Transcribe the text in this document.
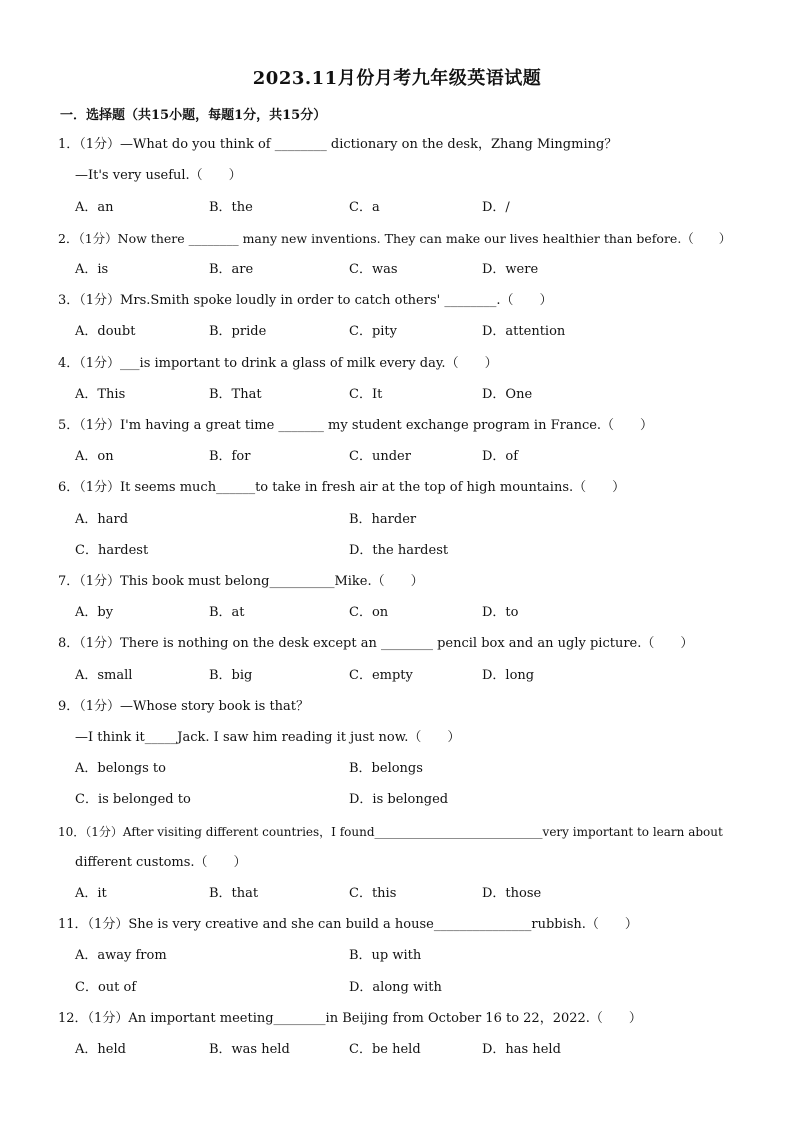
2023.11月份月考九年级英语试题
一．选择题（共15小题，每题1分，共15分）
1．（1分）—What do you think of ________ dictionary on the desk，Zhang Mingming？
—It's very useful.（　　）
A．an	B．the	C．a	D．/
2．（1分）Now there ________ many new inventions. They can make our lives healthier than before.（　　）
A．is	B．are	C．was	D．were
3．（1分）Mrs.Smith spoke loudly in order to catch others' ________.（　　）
A．doubt	B．pride	C．pity	D．attention
4．（1分）___is important to drink a glass of milk every day.（　　）
A．This	B．That	C．It	D．One
5．（1分）I'm having a great time _______ my student exchange program in France.（　　）
A．on	B．for	C．under	D．of
6．（1分）It seems much______to take in fresh air at the top of high mountains.（　　）
A．hard	B．harder
C．hardest	D．the hardest
7．（1分）This book must belong__________Mike.（　　）
A．by	B．at	C．on	D．to
8．（1分）There is nothing on the desk except an ________ pencil box and an ugly picture.（　　）
A．small	B．big	C．empty	D．long
9．（1分）—Whose story book is that？
—I think it_____Jack. I saw him reading it just now.（　　）
A．belongs to	B．belongs
C．is belonged to	D．is belonged
10．（1分）After visiting different countries，I found____________________________very important to learn about
different customs.（　　）
A．it	B．that	C．this	D．those
11．（1分）She is very creative and she can build a house_______________rubbish.（　　）
A．away from	B．up with
C．out of	D．along with
12．（1分）An important meeting________in Beijing from October 16 to 22，2022.（　　）
A．held	B．was held	C．be held	D．has held
